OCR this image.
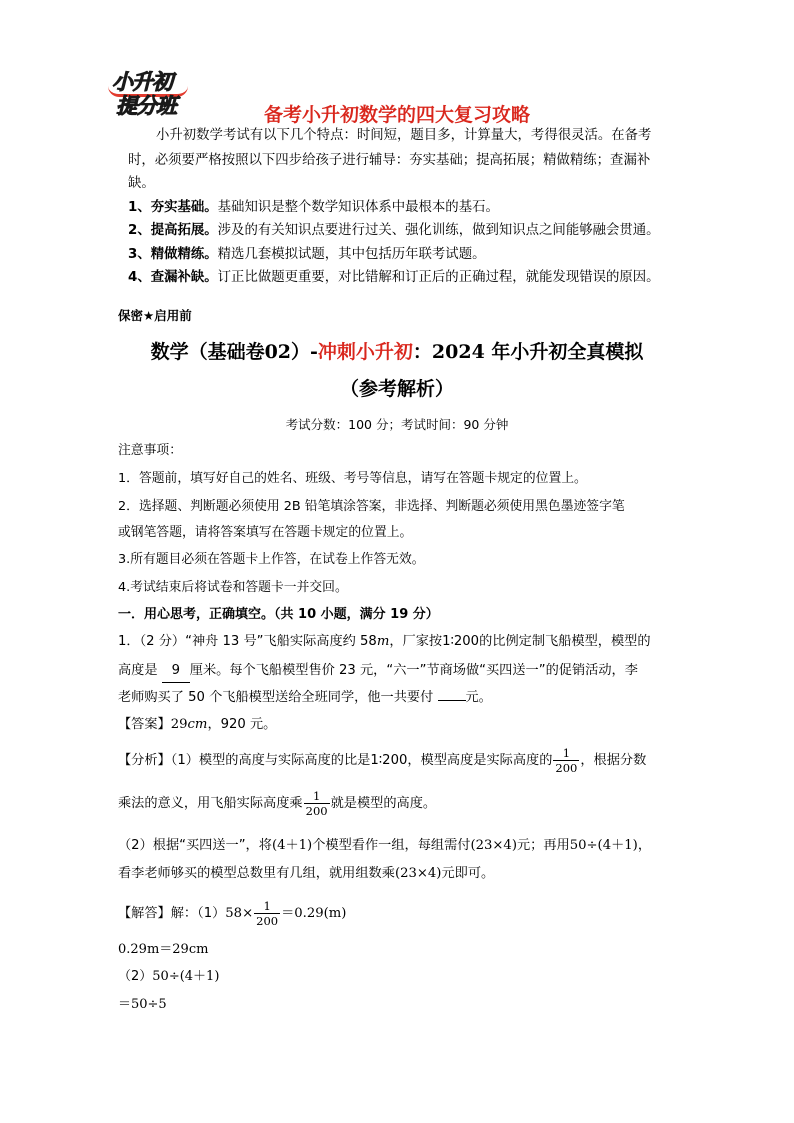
小升初
提分班	备考小升初数学的四大复习攻略
小升初数学考试有以下几个特点：时间短，题目多，计算量大，考得很灵活。在备考
时，必须要严格按照以下四步给孩子进行辅导：夯实基础；提高拓展；精做精练；查漏补
缺。
1、夯实基础。基础知识是整个数学知识体系中最根本的基石。
2、提高拓展。涉及的有关知识点要进行过关、强化训练，做到知识点之间能够融会贯通。
3、精做精练。精选几套模拟试题，其中包括历年联考试题。
4、查漏补缺。订正比做题更重要，对比错解和订正后的正确过程，就能发现错误的原因。
保密★启用前
数学（基础卷02）-冲刺小升初：2024 年小升初全真模拟
（参考解析）
考试分数：100 分；考试时间：90 分钟
注意事项：
1．答题前，填写好自己的姓名、班级、考号等信息，请写在答题卡规定的位置上。
2．选择题、判断题必须使用 2B 铅笔填涂答案，非选择、判断题必须使用黑色墨迹签字笔
或钢笔答题，请将答案填写在答题卡规定的位置上。
3.所有题目必须在答题卡上作答，在试卷上作答无效。
4.考试结束后将试卷和答题卡一并交回。
一．用心思考，正确填空。（共 10 小题，满分 19 分）
1．（2 分）“神舟 13 号”飞船实际高度约 58m，厂家按1∶200的比例定制飞船模型，模型的
高度是 9 厘米。每个飞船模型售价 23 元，“六一”节商场做“买四送一”的促销活动，李
老师购买了 50 个飞船模型送给全班同学，他一共要付 元。
【答案】29cm，920 元。
【分析】（1）模型的高度与实际高度的比是1∶200，模型高度是实际高度的 $\frac{1}{200}$ ，根据分数
乘法的意义，用飞船实际高度乘 $\frac{1}{200}$ 就是模型的高度。
（2）根据“买四送一”，将(4＋1)个模型看作一组，每组需付(23×4)元；再用50÷(4＋1)，
看李老师够买的模型总数里有几组，就用组数乘(23×4)元即可。
【解答】解：$(1)58\times \frac{1}{200} =0.29(m)$
0.29m＝29cm
（2）50÷(4＋1)
＝50÷5
